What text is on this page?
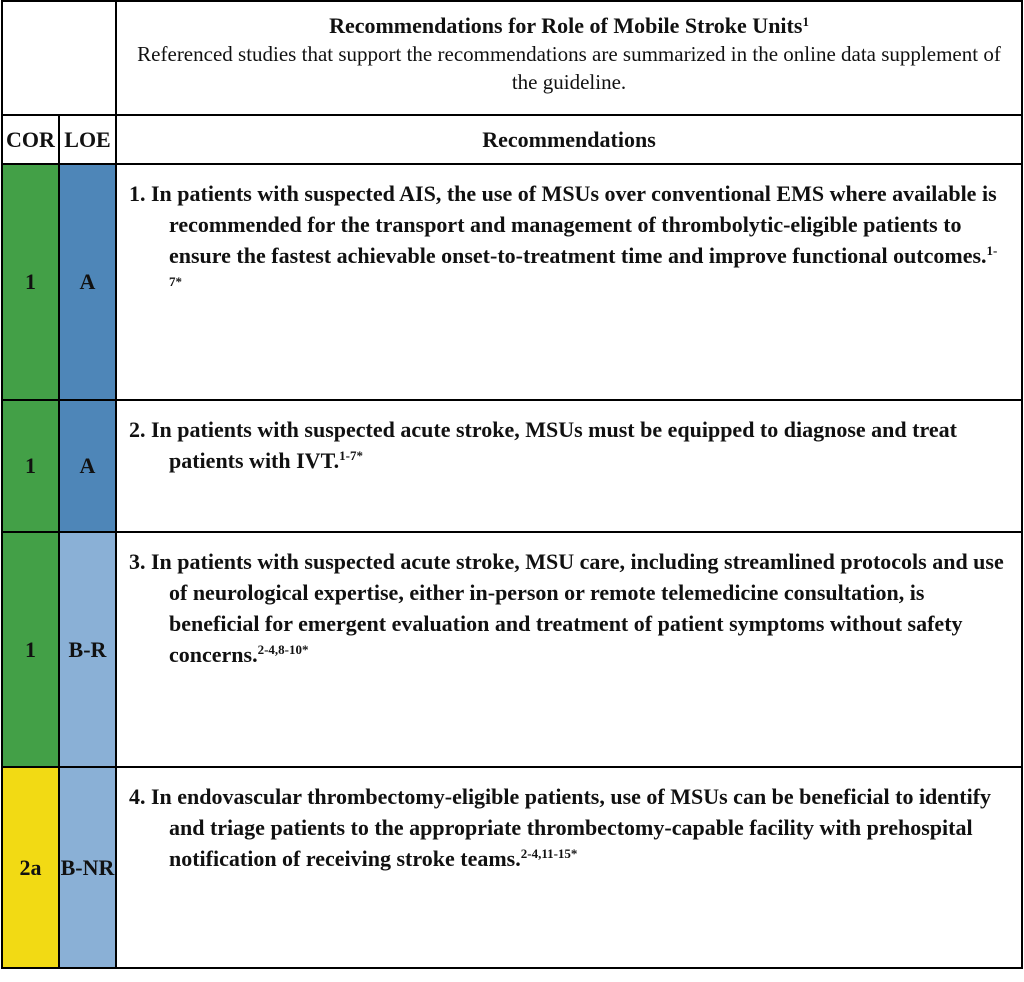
		Recommendations for Role of Mobile Stroke Units$^1$
Referenced studies that support the recommendations are summarized in the online data supplement of the guideline.

COR	LOE	Recommendations
1	A	1. In patients with suspected AIS, the use of MSUs over conventional EMS where available is recommended for the transport and management of thrombolytic-eligible patients to ensure the fastest achievable onset-to-treatment time and improve functional outcomes.$^{1-7*}$

1	A	2. In patients with suspected acute stroke, MSUs must be equipped to diagnose and treat patients with IVT.$^{1-7*}$

1	B-R	3. In patients with suspected acute stroke, MSU care, including streamlined protocols and use of neurological expertise, either in-person or remote telemedicine consultation, is beneficial for emergent evaluation and treatment of patient symptoms without safety concerns.$^{2-4,8-10*}$

2a	B-NR	4. In endovascular thrombectomy-eligible patients, use of MSUs can be beneficial to identify and triage patients to the appropriate thrombectomy-capable facility with prehospital notification of receiving stroke teams.$^{2-4,11-15*}$
